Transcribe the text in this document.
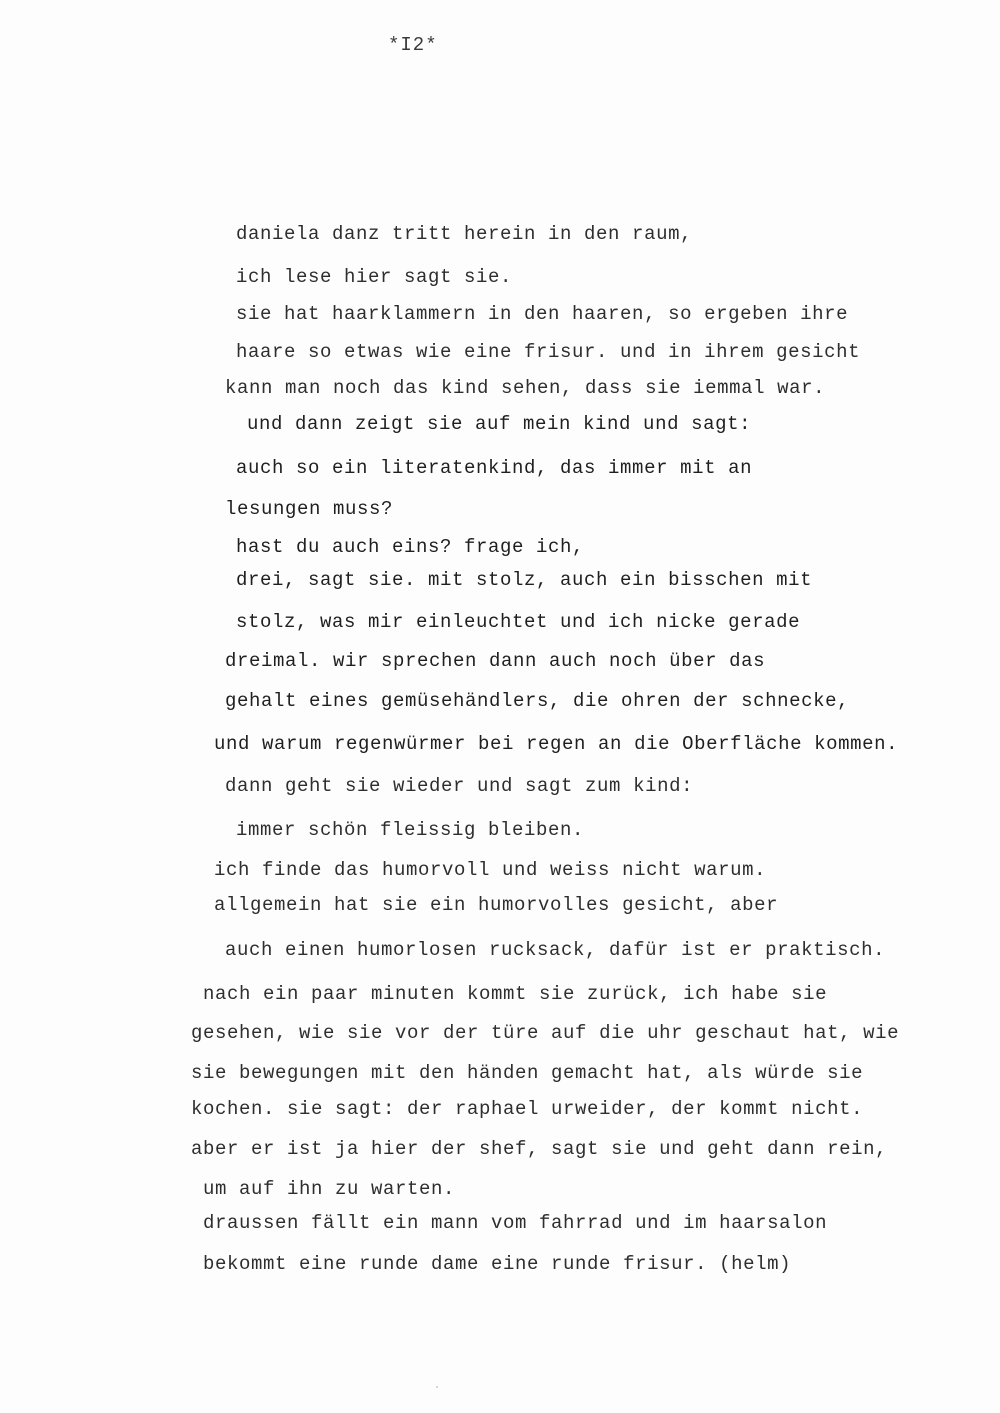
*I2*
daniela danz tritt herein in den raum,
ich lese hier sagt sie.
sie hat haarklammern in den haaren, so ergeben ihre
haare so etwas wie eine frisur. und in ihrem gesicht
kann man noch das kind sehen, dass sie iemmal war.
und dann zeigt sie auf mein kind und sagt:
auch so ein literatenkind, das immer mit an
lesungen muss?
hast du auch eins? frage ich,
drei, sagt sie. mit stolz, auch ein bisschen mit
stolz, was mir einleuchtet und ich nicke gerade
dreimal. wir sprechen dann auch noch über das
gehalt eines gemüsehändlers, die ohren der schnecke,
und warum regenwürmer bei regen an die Oberfläche kommen.
dann geht sie wieder und sagt zum kind:
immer schön fleissig bleiben.
ich finde das humorvoll und weiss nicht warum.
allgemein hat sie ein humorvolles gesicht, aber
auch einen humorlosen rucksack, dafür ist er praktisch.
nach ein paar minuten kommt sie zurück, ich habe sie
gesehen, wie sie vor der türe auf die uhr geschaut hat, wie
sie bewegungen mit den händen gemacht hat, als würde sie
kochen. sie sagt: der raphael urweider, der kommt nicht.
aber er ist ja hier der shef, sagt sie und geht dann rein,
um auf ihn zu warten.
draussen fällt ein mann vom fahrrad und im haarsalon
bekommt eine runde dame eine runde frisur. (helm)
